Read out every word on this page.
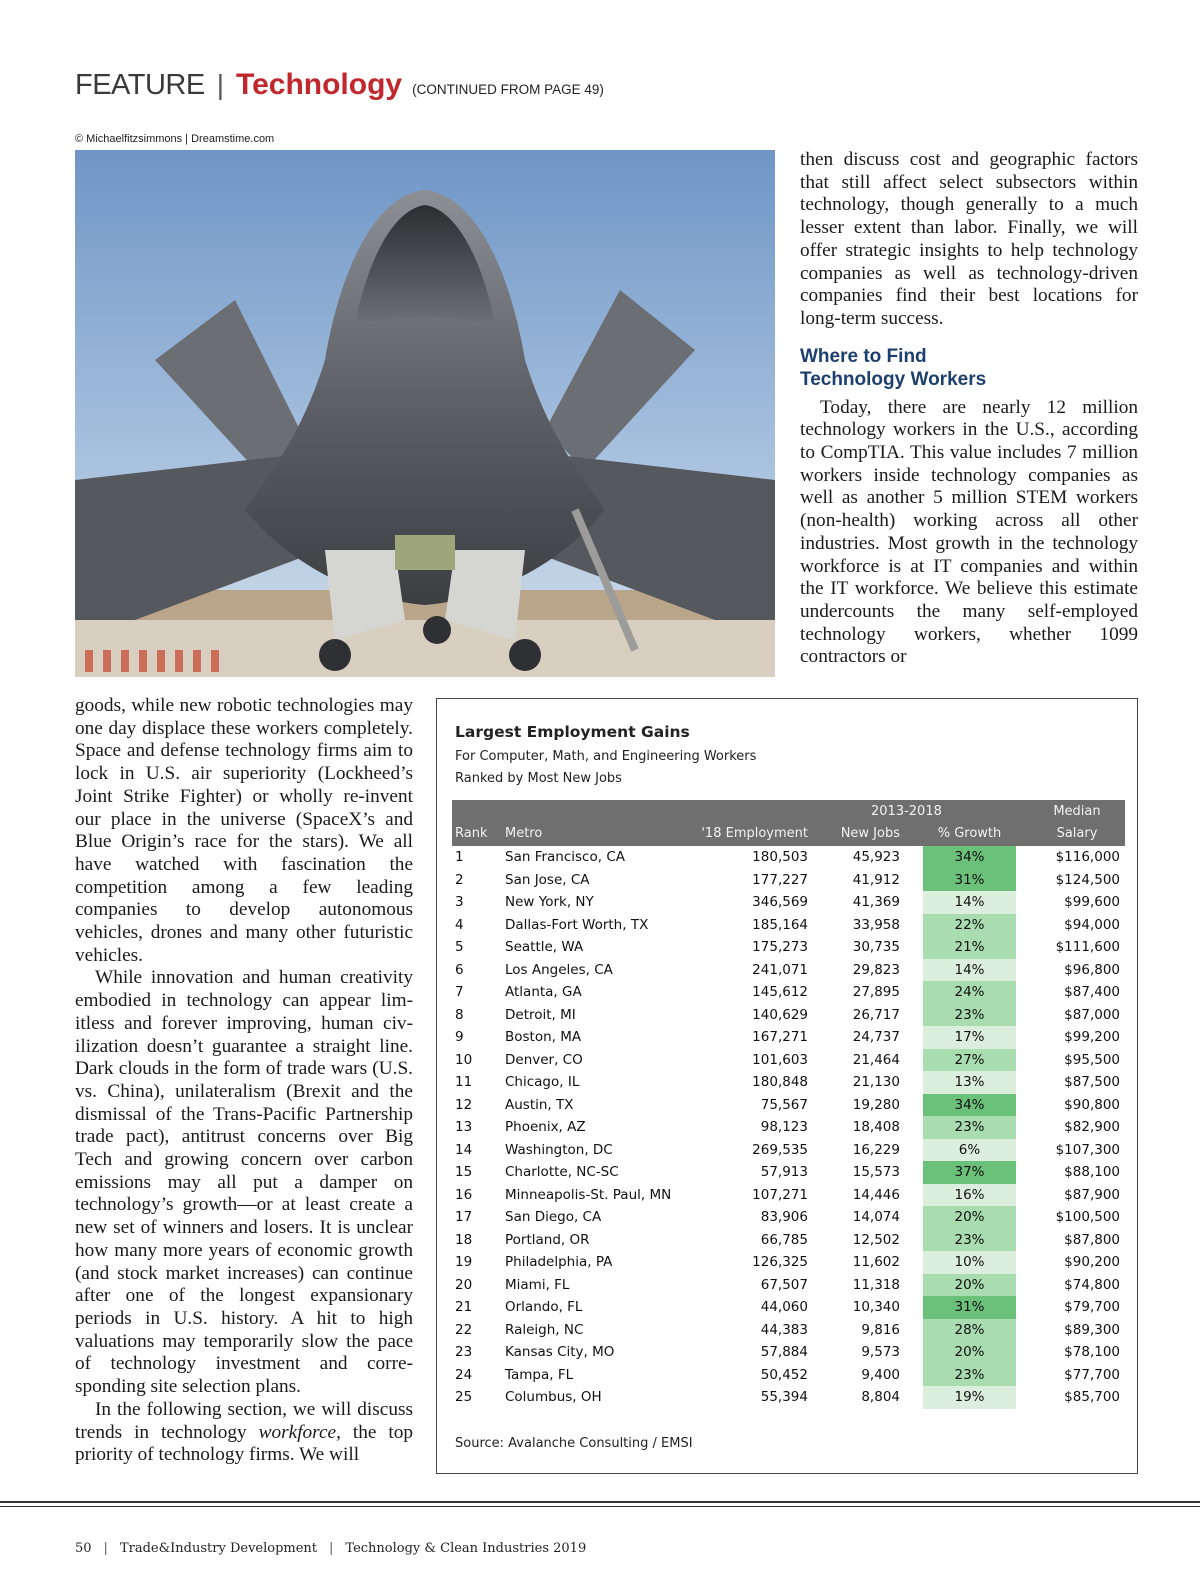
FEATURE | Technology (CONTINUED FROM PAGE 49)
© Michaelfitzsimmons | Dreamstime.com

then discuss cost and geographic factors that still affect select subsectors within technology, though generally to a much lesser extent than labor. Finally, we will offer strategic insights to help technology companies as well as technology-driven companies find their best locations for long-term success.

Where to Find
Technology Workers

Today, there are nearly 12 million technology workers in the U.S., according to CompTIA. This value includes 7 million workers inside technology companies as well as another 5 million STEM workers (non-health) working across all other industries. Most growth in the technology workforce is at IT companies and within the IT workforce. We believe this estimate undercounts the many self-employed technology workers, whether 1099 contractors or

goods, while new robotic technologies may one day displace these workers completely. Space and defense technology firms aim to lock in U.S. air superiority (Lockheed’s Joint Strike Fighter) or wholly re-invent our place in the universe (SpaceX’s and Blue Origin’s race for the stars). We all have watched with fascination the competition among a few leading companies to develop autonomous vehicles, drones and many other futuristic vehicles.

While innovation and human creativity embodied in technology can appear limitless and forever improving, human civilization doesn’t guarantee a straight line. Dark clouds in the form of trade wars (U.S. vs. China), unilateralism (Brexit and the dismissal of the Trans-Pacific Partnership trade pact), antitrust concerns over Big Tech and growing concern over carbon emissions may all put a damper on technology’s growth—or at least create a new set of winners and losers. It is unclear how many more years of economic growth (and stock market increases) can continue after one of the longest expansionary periods in U.S. history. A hit to high valuations may temporarily slow the pace of technology investment and corresponding site selection plans.

In the following section, we will discuss trends in technology workforce, the top priority of technology firms. We will

Largest Employment Gains
For Computer, Math, and Engineering Workers
Ranked by Most New Jobs
2013-2018	Median
Rank Metro	'18 Employment	New Jobs	% Growth	Salary
1	San Francisco, CA	180,503	45,923	34%	$116,000
2	San Jose, CA	177,227	41,912	31%	$124,500
3	New York, NY	346,569	41,369	14%	$99,600
4	Dallas-Fort Worth, TX	185,164	33,958	22%	$94,000
5	Seattle, WA	175,273	30,735	21%	$111,600
6	Los Angeles, CA	241,071	29,823	14%	$96,800
7	Atlanta, GA	145,612	27,895	24%	$87,400
8	Detroit, MI	140,629	26,717	23%	$87,000
9	Boston, MA	167,271	24,737	17%	$99,200
10 Denver, CO	101,603	21,464	27%	$95,500
11 Chicago, IL	180,848	21,130	13%	$87,500
12 Austin, TX	75,567	19,280	34%	$90,800
13 Phoenix, AZ	98,123	18,408	23%	$82,900
14 Washington, DC	269,535	16,229	6%	$107,300
15 Charlotte, NC-SC	57,913	15,573	37%	$88,100
16 Minneapolis-St. Paul, MN	107,271	14,446	16%	$87,900
17 San Diego, CA	83,906	14,074	20%	$100,500
18 Portland, OR	66,785	12,502	23%	$87,800
19 Philadelphia, PA	126,325	11,602	10%	$90,200
20 Miami, FL	67,507	11,318	20%	$74,800
21 Orlando, FL	44,060	10,340	31%	$79,700
22 Raleigh, NC	44,383	9,816	28%	$89,300
23 Kansas City, MO	57,884	9,573	20%	$78,100
24 Tampa, FL	50,452	9,400	23%	$77,700
25 Columbus, OH	55,394	8,804	19%	$85,700
Source: Avalanche Consulting / EMSI
50 | Trade&Industry Development | Technology & Clean Industries 2019
